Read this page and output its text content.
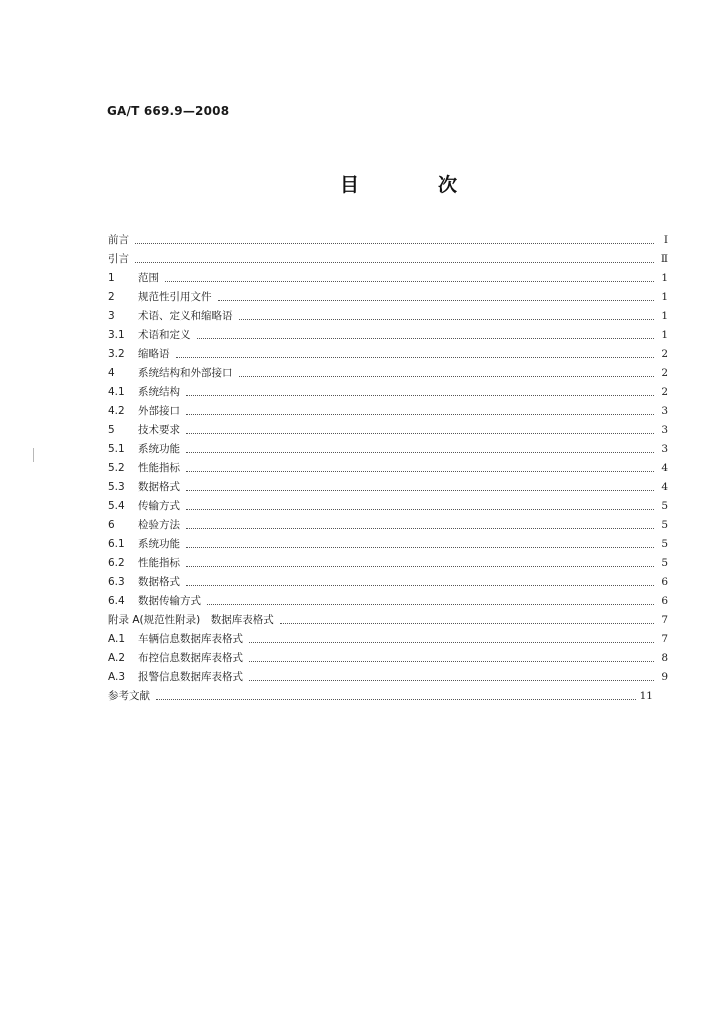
GA/T 669.9—2008
目　次
前言	Ⅰ
引言	Ⅱ
1	范围	1
2	规范性引用文件	1
3	术语、定义和缩略语	1
3.1	术语和定义	1
3.2	缩略语	2
4	系统结构和外部接口	2
4.1	系统结构	2
4.2	外部接口	3
5	技术要求	3
5.1	系统功能	3
5.2	性能指标	4
5.3	数据格式	4
5.4	传输方式	5
6	检验方法	5
6.1	系统功能	5
6.2	性能指标	5
6.3	数据格式	6
6.4	数据传输方式	6
附录 A(规范性附录)　数据库表格式	7
A.1	车辆信息数据库表格式	7
A.2	布控信息数据库表格式	8
A.3	报警信息数据库表格式	9
参考文献	11
